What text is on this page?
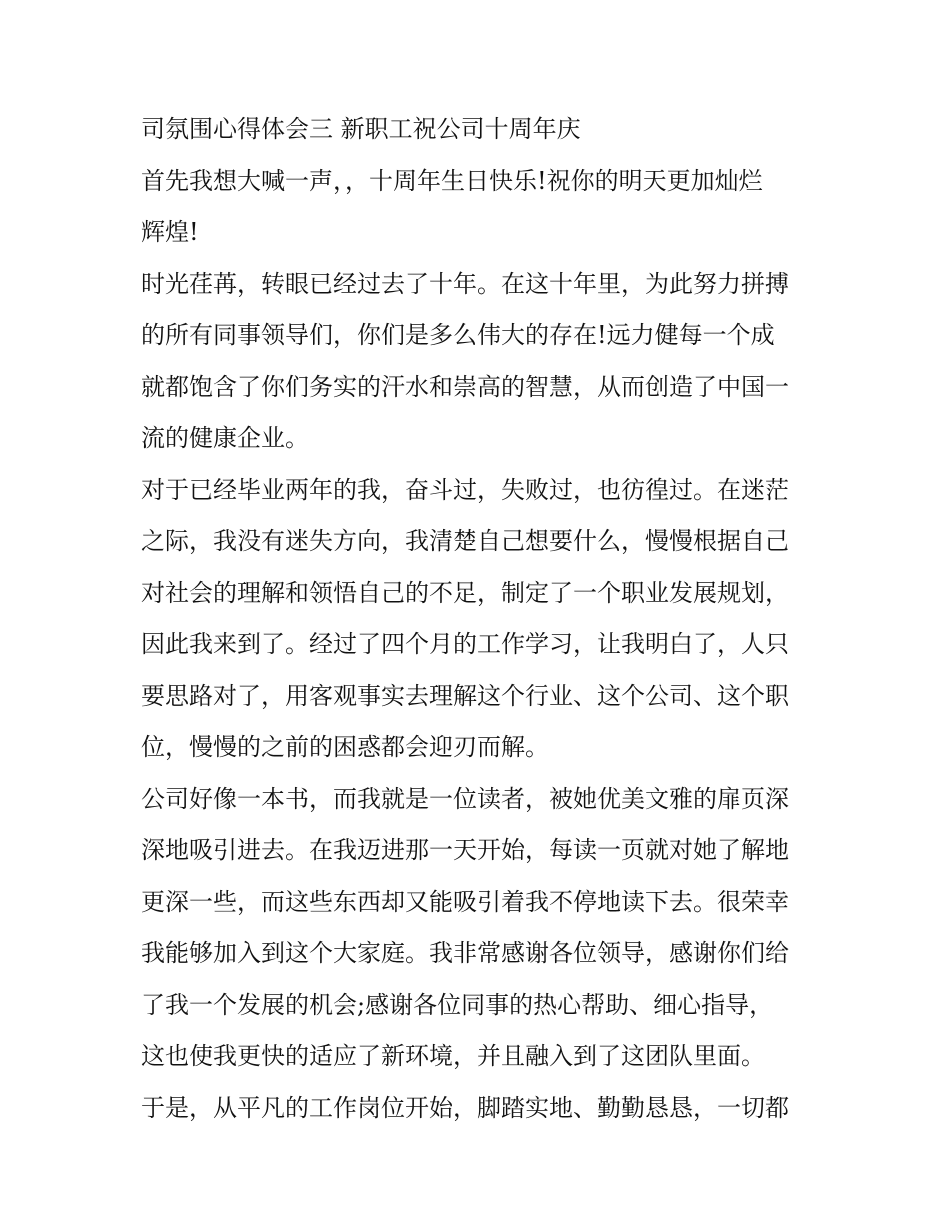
司氛围心得体会三 新职工祝公司十周年庆
首先我想大喊一声，，十周年生日快乐!祝你的明天更加灿烂
辉煌!
时光荏苒，转眼已经过去了十年。在这十年里，为此努力拼搏
的所有同事领导们，你们是多么伟大的存在!远力健每一个成
就都饱含了你们务实的汗水和崇高的智慧，从而创造了中国一
流的健康企业。
对于已经毕业两年的我，奋斗过，失败过，也彷徨过。在迷茫
之际，我没有迷失方向，我清楚自己想要什么，慢慢根据自己
对社会的理解和领悟自己的不足，制定了一个职业发展规划，
因此我来到了。经过了四个月的工作学习，让我明白了，人只
要思路对了，用客观事实去理解这个行业、这个公司、这个职
位，慢慢的之前的困惑都会迎刃而解。
公司好像一本书，而我就是一位读者，被她优美文雅的扉页深
深地吸引进去。在我迈进那一天开始，每读一页就对她了解地
更深一些，而这些东西却又能吸引着我不停地读下去。很荣幸
我能够加入到这个大家庭。我非常感谢各位领导，感谢你们给
了我一个发展的机会;感谢各位同事的热心帮助、细心指导，
这也使我更快的适应了新环境，并且融入到了这团队里面。
于是，从平凡的工作岗位开始，脚踏实地、勤勤恳恳，一切都
